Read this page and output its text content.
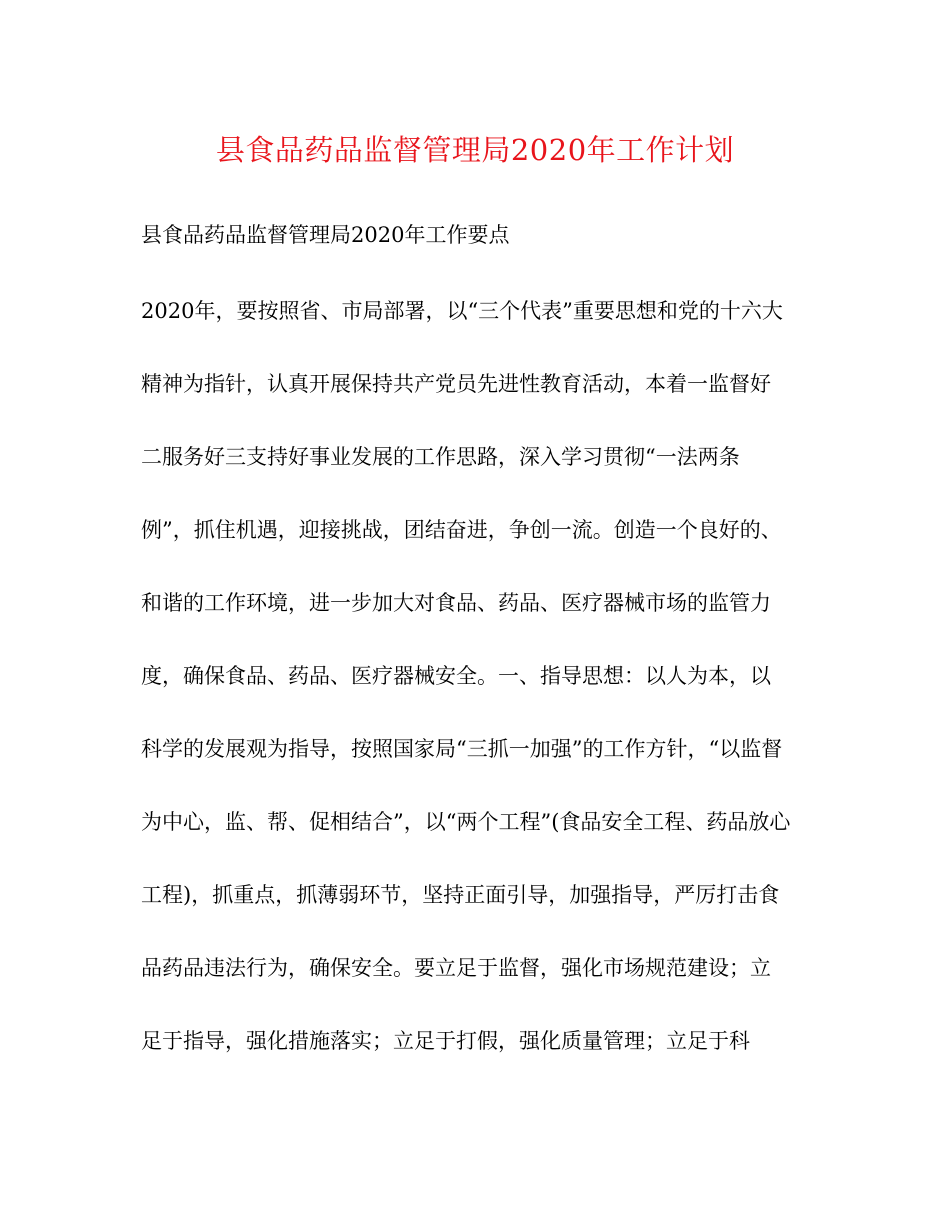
县食品药品监督管理局2020年工作计划
县食品药品监督管理局2020年工作要点
2020年，要按照省、市局部署，以“三个代表”重要思想和党的十六大
精神为指针，认真开展保持共产党员先进性教育活动，本着一监督好
二服务好三支持好事业发展的工作思路，深入学习贯彻“一法两条
例”，抓住机遇，迎接挑战，团结奋进，争创一流。创造一个良好的、
和谐的工作环境，进一步加大对食品、药品、医疗器械市场的监管力
度，确保食品、药品、医疗器械安全。一、指导思想：以人为本，以
科学的发展观为指导，按照国家局“三抓一加强”的工作方针，“以监督
为中心，监、帮、促相结合”，以“两个工程”(食品安全工程、药品放心
工程)，抓重点，抓薄弱环节，坚持正面引导，加强指导，严厉打击食
品药品违法行为，确保安全。要立足于监督，强化市场规范建设；立
足于指导，强化措施落实；立足于打假，强化质量管理；立足于科
